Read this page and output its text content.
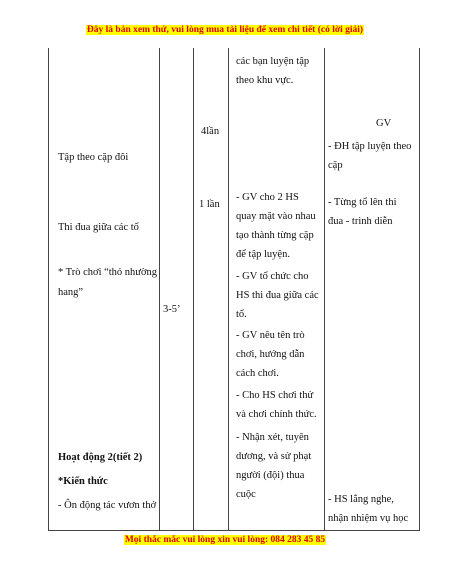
Đây là bản xem thử, vui lòng mua tài liệu để xem chi tiết (có lời giải)
Tập theo cặp đôi
Thi đua giữa các tổ
* Trò chơi “thỏ nhường
hang”
Hoạt động 2(tiết 2)
*Kiến thức
- Ôn động tác vươn thở
3-5’
4lần
1 lần
các bạn luyện tập
theo khu vực.
- GV cho 2 HS
quay mặt vào nhau
tạo thành từng cặp
để tập luyện.
- GV tổ chức cho
HS thi đua giữa các
tổ.
- GV nêu tên trò
chơi, hướng dẫn
cách chơi.
- Cho HS chơi thử
và chơi chính thức.
- Nhận xét, tuyên
dương, và sử phạt
người (đội) thua
cuộc
GV
- ĐH tập luyện theo
cặp
- Từng tổ lên thi
đua - trình diễn
- HS lắng nghe,
nhận nhiệm vụ học
Mọi thắc mắc vui lòng xin vui lòng: 084 283 45 85
